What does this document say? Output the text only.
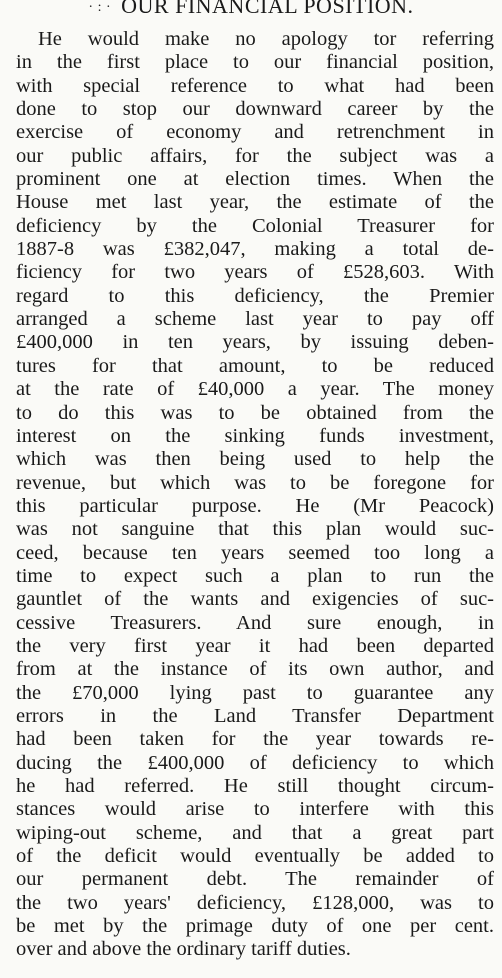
· : · OUR FINANCIAL POSITION.
He would make no apology tor referring
in the first place to our financial position,
with special reference to what had been
done to stop our downward career by the
exercise of economy and retrenchment in
our public affairs, for the subject was a
prominent one at election times. When the
House met last year, the estimate of the
deficiency by the Colonial Treasurer for
1887-8 was £382,047, making a total de-
ficiency for two years of £528,603. With
regard to this deficiency, the Premier
arranged a scheme last year to pay off
£400,000 in ten years, by issuing deben-
tures for that amount, to be reduced
at the rate of £40,000 a year. The money
to do this was to be obtained from the
interest on the sinking funds investment,
which was then being used to help the
revenue, but which was to be foregone for
this particular purpose. He (Mr Peacock)
was not sanguine that this plan would suc-
ceed, because ten years seemed too long a
time to expect such a plan to run the
gauntlet of the wants and exigencies of suc-
cessive Treasurers. And sure enough, in
the very first year it had been departed
from at the instance of its own author, and
the £70,000 lying past to guarantee any
errors in the Land Transfer Department
had been taken for the year towards re-
ducing the £400,000 of deficiency to which
he had referred. He still thought circum-
stances would arise to interfere with this
wiping-out scheme, and that a great part
of the deficit would eventually be added to
our permanent debt. The remainder of
the two years' deficiency, £128,000, was to
be met by the primage duty of one per cent.
over and above the ordinary tariff duties.
